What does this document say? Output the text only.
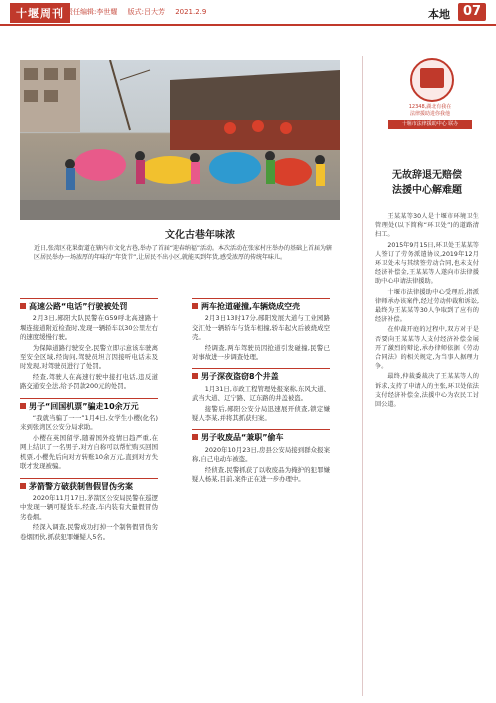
十堰周刊 责任编辑:李世耀 版式:吕大芳 2021.2.9	本地 07
文化古巷年味浓
近日,张湾区花果街道在辖内市文化古巷,举办了首届“迎春纳福”活动。本次活动在张家村庄举办的基础上首届为辖区居民举办一场浓厚的年味的“年货节”,让居民不出小区,就能买到年货,感受浓厚的传统年味儿。
高速公路“电话”行驶被处罚

2月3日,郧阳大队民警在G59呼北高速路十堰连接道附近检查时,发现一辆轿车以30公里左右的速度缓慢行驶。

为保障道路行驶安全,民警立即示意该车驶离至安全区域,经询问,驾驶员坦言因接听电话未及时发现,对驾驶员进行了处罚。

经查,驾驶人在高速行驶中接打电话,违反道路交通安全法,给予罚款200元的处罚。

男子“回国机票”骗走10余万元

“我就当骗了一一”1月4日,女学生小樱(化名)来到张湾区公安分局求助。

小樱在英国留学,随着国外疫情日趋严重,在网上结识了一名男子,对方自称可以帮忙购买回国机票,小樱先后向对方转账10余万元,直到对方失联才发现被骗。

茅箭警方破获制售假冒伪劣案

2020年11月17日,茅箭区公安局民警在巡逻中发现一辆可疑货车,经查,车内装有大量假冒伪劣卷烟。

经深入调查,民警成功打掉一个制售假冒伪劣卷烟团伙,抓获犯罪嫌疑人5名。

两车抢道碰撞,车辆烧成空壳

2月3日13时17分,郧阳发展大道与工业园路交汇处一辆轿车与货车相撞,轿车起火后被烧成空壳。

经调查,两车驾驶员因抢道引发碰撞,民警已对事故进一步调查处理。

男子深夜盗窃8个井盖

1月31日,市政工程管理处报案称,东风大道、武当大道、辽宁路、辽东路的井盖被盗。

接警后,郧阳公安分局迅速展开侦查,锁定嫌疑人李某,并将其抓获归案。

男子收废品“兼职”偷车

2020年10月23日,房县公安局接到群众报案称,自己电动车被盗。

经侦查,民警抓获了以收废品为掩护的犯罪嫌疑人杨某,目前,案件正在进一步办理中。

12348,湖北有我在
法律援助进你我他
十堰市法律援助中心 联办
无故辞退无赔偿
法援中心解难题

王某某等30人是十堰市环境卫生管理处(以下简称“环卫处”)的道路清扫工。

2015年9月15日,环卫处王某某等人签订了劳务派遣协议,2019年12月环卫处未与其续签劳动合同,也未支付经济补偿金,王某某等人遂向市法律援助中心申请法律援助。

十堰市法律援助中心受理后,指派律师承办该案件,经过劳动仲裁和诉讼,最终为王某某等30人争取到了应有的经济补偿。

在仲裁开庭的过程中,双方对于是否要向王某某等人支付经济补偿金展开了激烈的辩论,承办律师依据《劳动合同法》的相关规定,为当事人据理力争。

最终,仲裁委裁决了王某某等人的诉求,支持了申请人的主张,环卫处依法支付经济补偿金,法援中心为农民工讨回公道。
